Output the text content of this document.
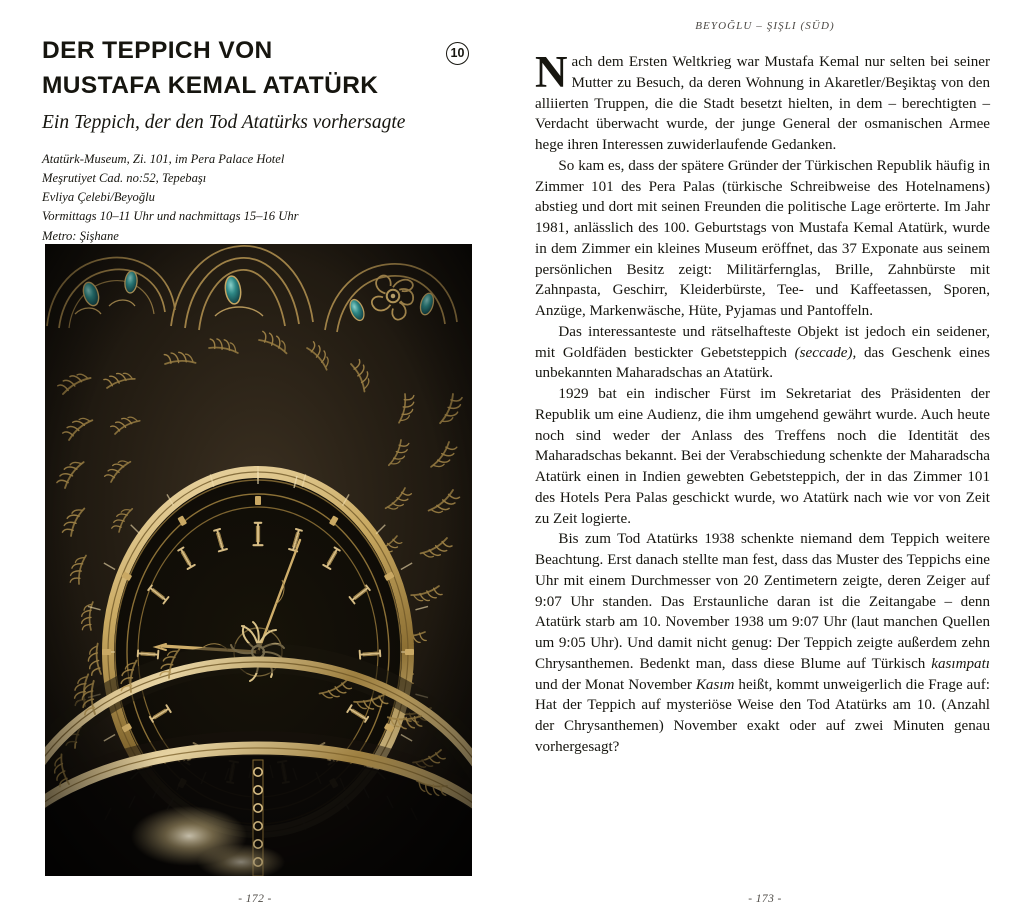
DER TEPPICH VON
MUSTAFA KEMAL ATATÜRK
10

Ein Teppich, der den Tod Atatürks vorhersagte

Atatürk-Museum, Zi. 101, im Pera Palace Hotel
Meşrutiyet Cad. no:52, Tepebaşı
Evliya Çelebi/Beyoğlu
Vormittags 10–11 Uhr und nachmittags 15–16 Uhr
Metro: Şişhane
- 172 -
BEYOĞLU – ŞIŞLI (SÜD)

Nach dem Ersten Weltkrieg war Mustafa Kemal nur selten bei seiner Mutter zu Besuch, da deren Wohnung in Akaretler/Beşiktaş von den alliierten Truppen, die die Stadt besetzt hielten, in dem – berechtigten – Verdacht überwacht wurde, der junge General der osmanischen Armee hege ihren Interessen zuwiderlaufende Gedanken.

So kam es, dass der spätere Gründer der Türkischen Republik häufig in Zimmer 101 des Pera Palas (türkische Schreibweise des Hotelnamens) abstieg und dort mit seinen Freunden die politische Lage erörterte. Im Jahr 1981, anlässlich des 100. Geburtstags von Mustafa Kemal Atatürk, wurde in dem Zimmer ein kleines Museum eröffnet, das 37 Exponate aus seinem persönlichen Besitz zeigt: Militärfernglas, Brille, Zahnbürste mit Zahnpasta, Geschirr, Kleiderbürste, Tee- und Kaffeetassen, Sporen, Anzüge, Markenwäsche, Hüte, Pyjamas und Pantoffeln.

Das interessanteste und rätselhafteste Objekt ist jedoch ein seidener, mit Goldfäden bestickter Gebetsteppich (seccade), das Geschenk eines unbekannten Maharadschas an Atatürk.

1929 bat ein indischer Fürst im Sekretariat des Präsidenten der Republik um eine Audienz, die ihm umgehend gewährt wurde. Auch heute noch sind weder der Anlass des Treffens noch die Identität des Maharadschas bekannt. Bei der Verabschiedung schenkte der Maharadscha Atatürk einen in Indien gewebten Gebetsteppich, der in das Zimmer 101 des Hotels Pera Palas geschickt wurde, wo Atatürk nach wie vor von Zeit zu Zeit logierte.

Bis zum Tod Atatürks 1938 schenkte niemand dem Teppich weitere Beachtung. Erst danach stellte man fest, dass das Muster des Teppichs eine Uhr mit einem Durchmesser von 20 Zentimetern zeigte, deren Zeiger auf 9:07 Uhr standen. Das Erstaunliche daran ist die Zeitangabe – denn Atatürk starb am 10. November 1938 um 9:07 Uhr (laut manchen Quellen um 9:05 Uhr). Und damit nicht genug: Der Teppich zeigte außerdem zehn Chrysanthemen. Bedenkt man, dass diese Blume auf Türkisch kasımpatı und der Monat November Kasım heißt, kommt unweigerlich die Frage auf: Hat der Teppich auf mysteriöse Weise den Tod Atatürks am 10. (Anzahl der Chrysanthemen) November exakt oder auf zwei Minuten genau vorhergesagt?

- 173 -
